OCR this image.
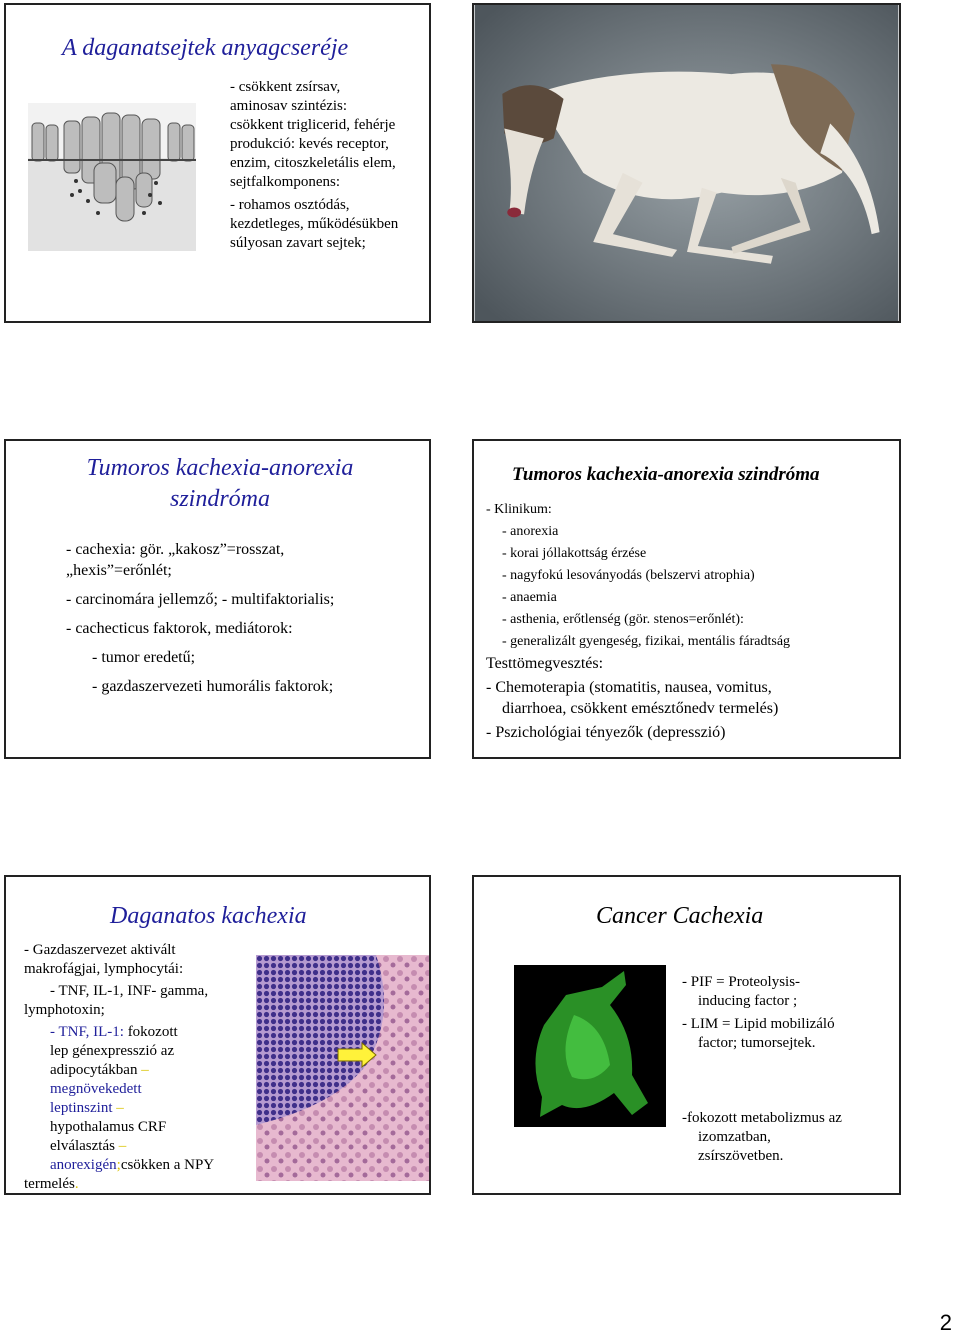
A daganatsejtek anyagcseréje
- csökkent zsírsav,
aminosav szintézis:
csökkent triglicerid, fehérje
produkció: kevés receptor,
enzim, citoszkeletális elem,
sejtfalkomponens:
- rohamos osztódás,
kezdetleges, működésükben
súlyosan zavart sejtek;
Tumoros kachexia-anorexia
szindróma
- cachexia: gör. „kakosz”=rosszat,
„hexis”=erőnlét;
- carcinomára jellemző; - multifaktorialis;
- cachecticus faktorok, mediátorok:
- tumor eredetű;
- gazdaszervezeti humorális faktorok;
Tumoros kachexia-anorexia szindróma
- Klinikum:
- anorexia
- korai jóllakottság érzése
- nagyfokú lesoványodás (belszervi atrophia)
- anaemia
- asthenia, erőtlenség (gör. stenos=erőnlét):
- generalizált gyengeség, fizikai, mentális fáradtság
Testtömegvesztés:
- Chemoterapia (stomatitis, nausea, vomitus,
diarrhoea, csökkent emésztőnedv termelés)
- Pszichológiai tényezők (depresszió)
Daganatos kachexia
- Gazdaszervezet aktivált
makrofágjai, lymphocytái:
- TNF, IL-1, INF- gamma,
lymphotoxin;
- TNF, IL-1: fokozott
lep génexpresszió az
adipocytákban –
megnövekedett
leptinszint –
hypothalamus CRF
elválasztás –
anorexigén;csökken a NPY
termelés.
Cancer Cachexia
- PIF = Proteolysis-
inducing factor ;
- LIM = Lipid mobilizáló
factor; tumorsejtek.
-fokozott metabolizmus az
izomzatban,
zsírszövetben.
2
